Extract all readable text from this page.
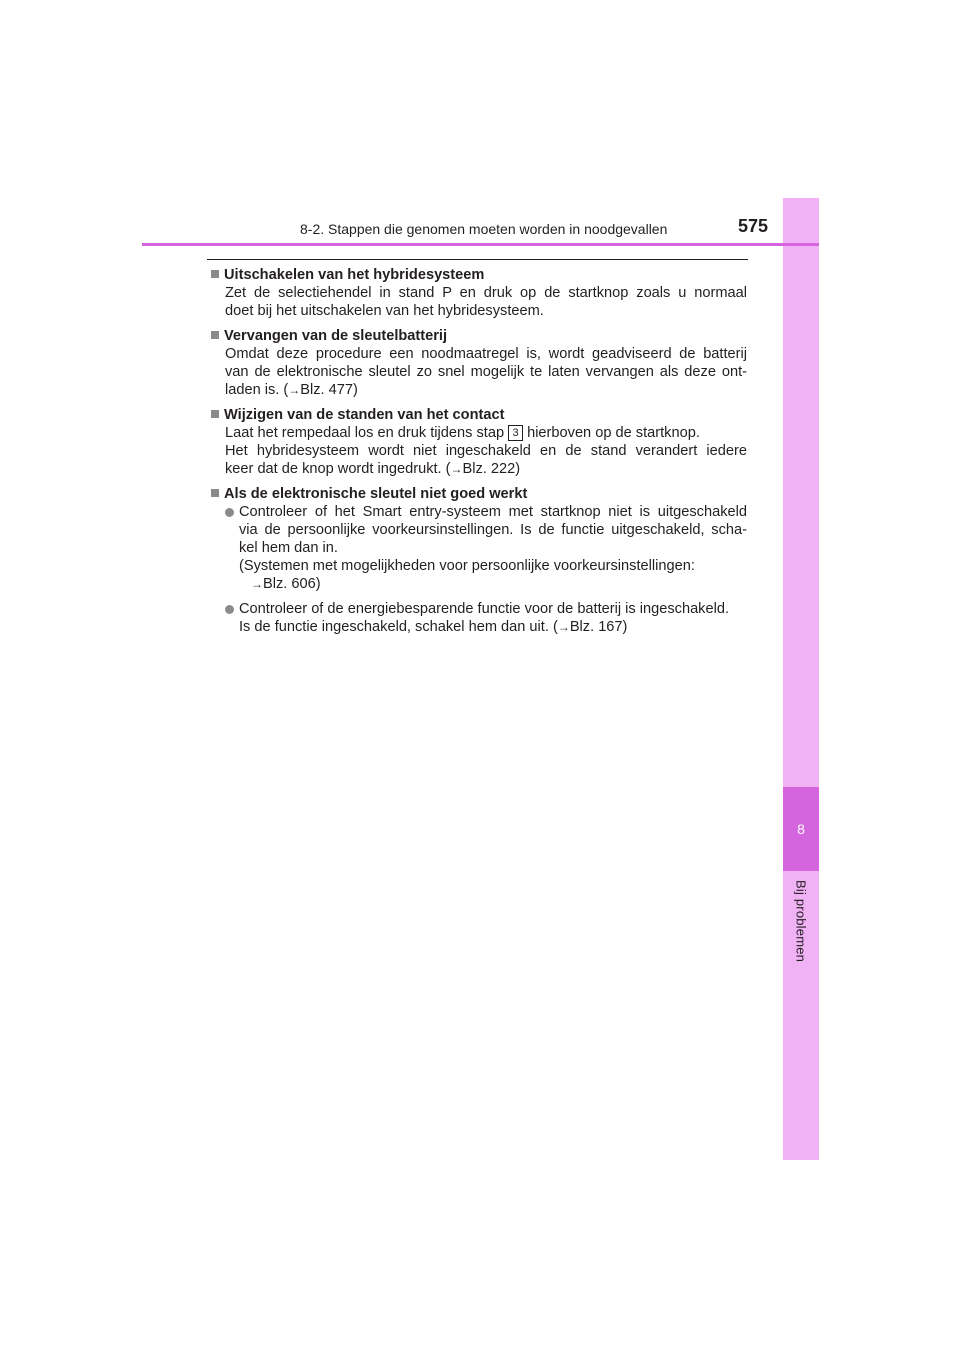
8
Bij problemen
8-2. Stappen die genomen moeten worden in noodgevallen	575
Uitschakelen van het hybridesysteem
Zet de selectiehendel in stand P en druk op de startknop zoals u normaal
doet bij het uitschakelen van het hybridesysteem.
Vervangen van de sleutelbatterij
Omdat deze procedure een noodmaatregel is, wordt geadviseerd de batterij
van de elektronische sleutel zo snel mogelijk te laten vervangen als deze ont-
laden is. (→Blz. 477)
Wijzigen van de standen van het contact
Laat het rempedaal los en druk tijdens stap 3 hierboven op de startknop.
Het hybridesysteem wordt niet ingeschakeld en de stand verandert iedere
keer dat de knop wordt ingedrukt. (→Blz. 222)
Als de elektronische sleutel niet goed werkt
Controleer of het Smart entry-systeem met startknop niet is uitgeschakeld
via de persoonlijke voorkeursinstellingen. Is de functie uitgeschakeld, scha-
kel hem dan in.
(Systemen met mogelijkheden voor persoonlijke voorkeursinstellingen:
→Blz. 606)
Controleer of de energiebesparende functie voor de batterij is ingeschakeld.
Is de functie ingeschakeld, schakel hem dan uit. (→Blz. 167)
